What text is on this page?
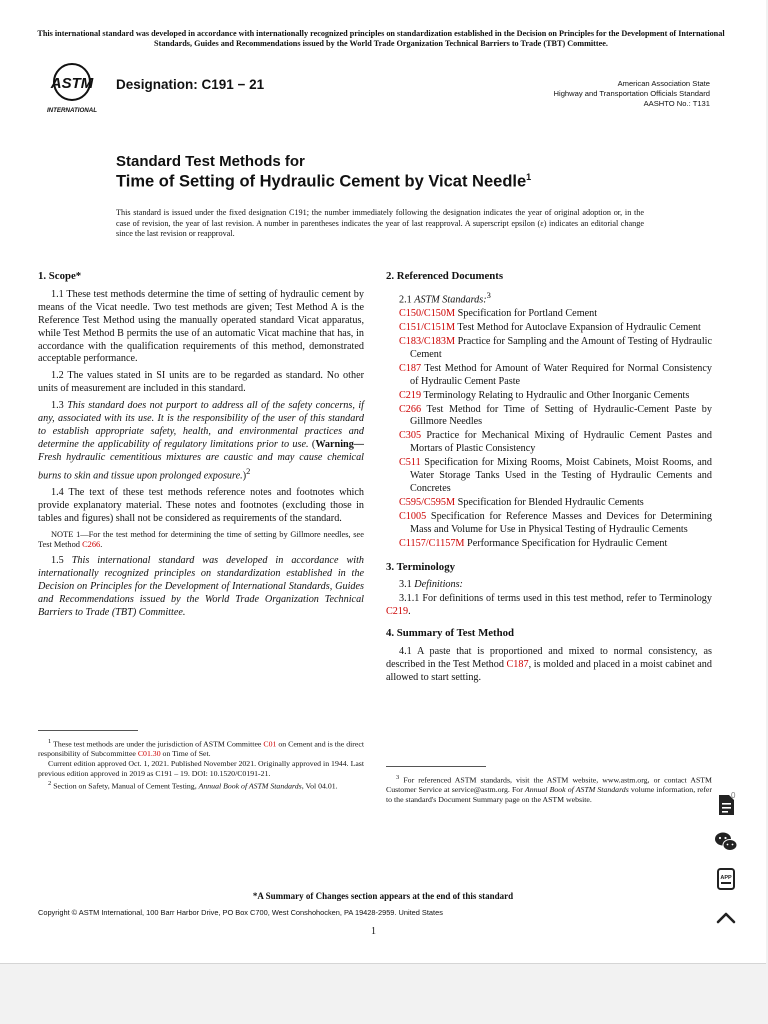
This international standard was developed in accordance with internationally recognized principles on standardization established in the Decision on Principles for the Development of International Standards, Guides and Recommendations issued by the World Trade Organization Technical Barriers to Trade (TBT) Committee.
ASTM
INTERNATIONAL
Designation: C191 − 21	American Association State
Highway and Transportation Officials Standard
AASHTO No.: T131
Standard Test Methods for
Time of Setting of Hydraulic Cement by Vicat Needle$^1$
This standard is issued under the fixed designation C191; the number immediately following the designation indicates the year of original adoption or, in the case of revision, the year of last revision. A number in parentheses indicates the year of last reapproval. A superscript epsilon (ε) indicates an editorial change since the last revision or reapproval.
1. Scope*

1.1 These test methods determine the time of setting of hydraulic cement by means of the Vicat needle. Two test methods are given; Test Method A is the Reference Test Method using the manually operated standard Vicat apparatus, while Test Method B permits the use of an automatic Vicat machine that has, in accordance with the qualification requirements of this method, demonstrated acceptable performance.

1.2 The values stated in SI units are to be regarded as standard. No other units of measurement are included in this standard.

1.3 This standard does not purport to address all of the safety concerns, if any, associated with its use. It is the responsibility of the user of this standard to establish appropriate safety, health, and environmental practices and determine the applicability of regulatory limitations prior to use. (Warning—Fresh hydraulic cementitious mixtures are caustic and may cause chemical burns to skin and tissue upon prolonged exposure.)$^2$

1.4 The text of these test methods reference notes and footnotes which provide explanatory material. These notes and footnotes (excluding those in tables and figures) shall not be considered as requirements of the standard.

NOTE 1—For the test method for determining the time of setting by Gillmore needles, see Test Method C266.

1.5 This international standard was developed in accordance with internationally recognized principles on standardization established in the Decision on Principles for the Development of International Standards, Guides and Recommendations issued by the World Trade Organization Technical Barriers to Trade (TBT) Committee.

2. Referenced Documents

2.1 ASTM Standards:$^3$

C150/C150M Specification for Portland Cement

C151/C151M Test Method for Autoclave Expansion of Hydraulic Cement

C183/C183M Practice for Sampling and the Amount of Testing of Hydraulic Cement

C187 Test Method for Amount of Water Required for Normal Consistency of Hydraulic Cement Paste

C219 Terminology Relating to Hydraulic and Other Inorganic Cements

C266 Test Method for Time of Setting of Hydraulic-Cement Paste by Gillmore Needles

C305 Practice for Mechanical Mixing of Hydraulic Cement Pastes and Mortars of Plastic Consistency

C511 Specification for Mixing Rooms, Moist Cabinets, Moist Rooms, and Water Storage Tanks Used in the Testing of Hydraulic Cements and Concretes

C595/C595M Specification for Blended Hydraulic Cements

C1005 Specification for Reference Masses and Devices for Determining Mass and Volume for Use in Physical Testing of Hydraulic Cements

C1157/C1157M Performance Specification for Hydraulic Cement

3. Terminology

3.1 Definitions:

3.1.1 For definitions of terms used in this test method, refer to Terminology C219.

4. Summary of Test Method

4.1 A paste that is proportioned and mixed to normal consistency, as described in the Test Method C187, is molded and placed in a moist cabinet and allowed to start setting.

$^1$ These test methods are under the jurisdiction of ASTM Committee C01 on Cement and is the direct responsibility of Subcommittee C01.30 on Time of Set.

Current edition approved Oct. 1, 2021. Published November 2021. Originally approved in 1944. Last previous edition approved in 2019 as C191 – 19. DOI: 10.1520/C0191-21.

$^2$ Section on Safety, Manual of Cement Testing, Annual Book of ASTM Standards, Vol 04.01.

$^3$ For referenced ASTM standards, visit the ASTM website, www.astm.org, or contact ASTM Customer Service at service@astm.org. For Annual Book of ASTM Standards volume information, refer to the standard's Document Summary page on the ASTM website.

*A Summary of Changes section appears at the end of this standard
Copyright © ASTM International, 100 Barr Harbor Drive, PO Box C700, West Conshohocken, PA 19428-2959. United States
1
0
APP
